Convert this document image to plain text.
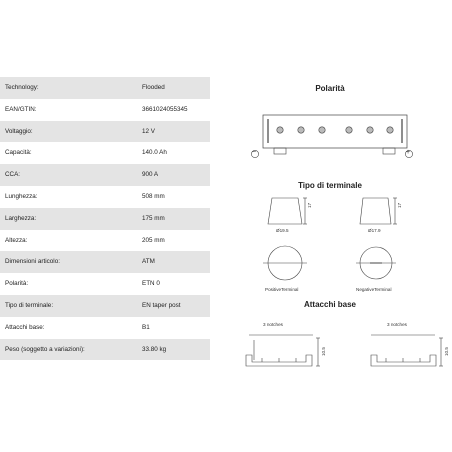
Technology:	Flooded
EAN/GTIN:	3661024055345
Voltaggio:	12 V
Capacità:	140.0 Ah
CCA:	900 A
Lunghezza:	508 mm
Larghezza:	175 mm
Altezza:	205 mm
Dimensioni articolo:	ATM
Polarità:	ETN 0
Tipo di terminale:	EN taper post
Attacchi base:	B1
Peso (soggetto a variazioni):	33.80 kg
Polarità
−	+
Tipo di terminale
17	17
Ø19.5	Ø17.9
PositiveTerminal	NegativeTerminal
Attacchi base
3 notches	3 notches
10.5	10.5
